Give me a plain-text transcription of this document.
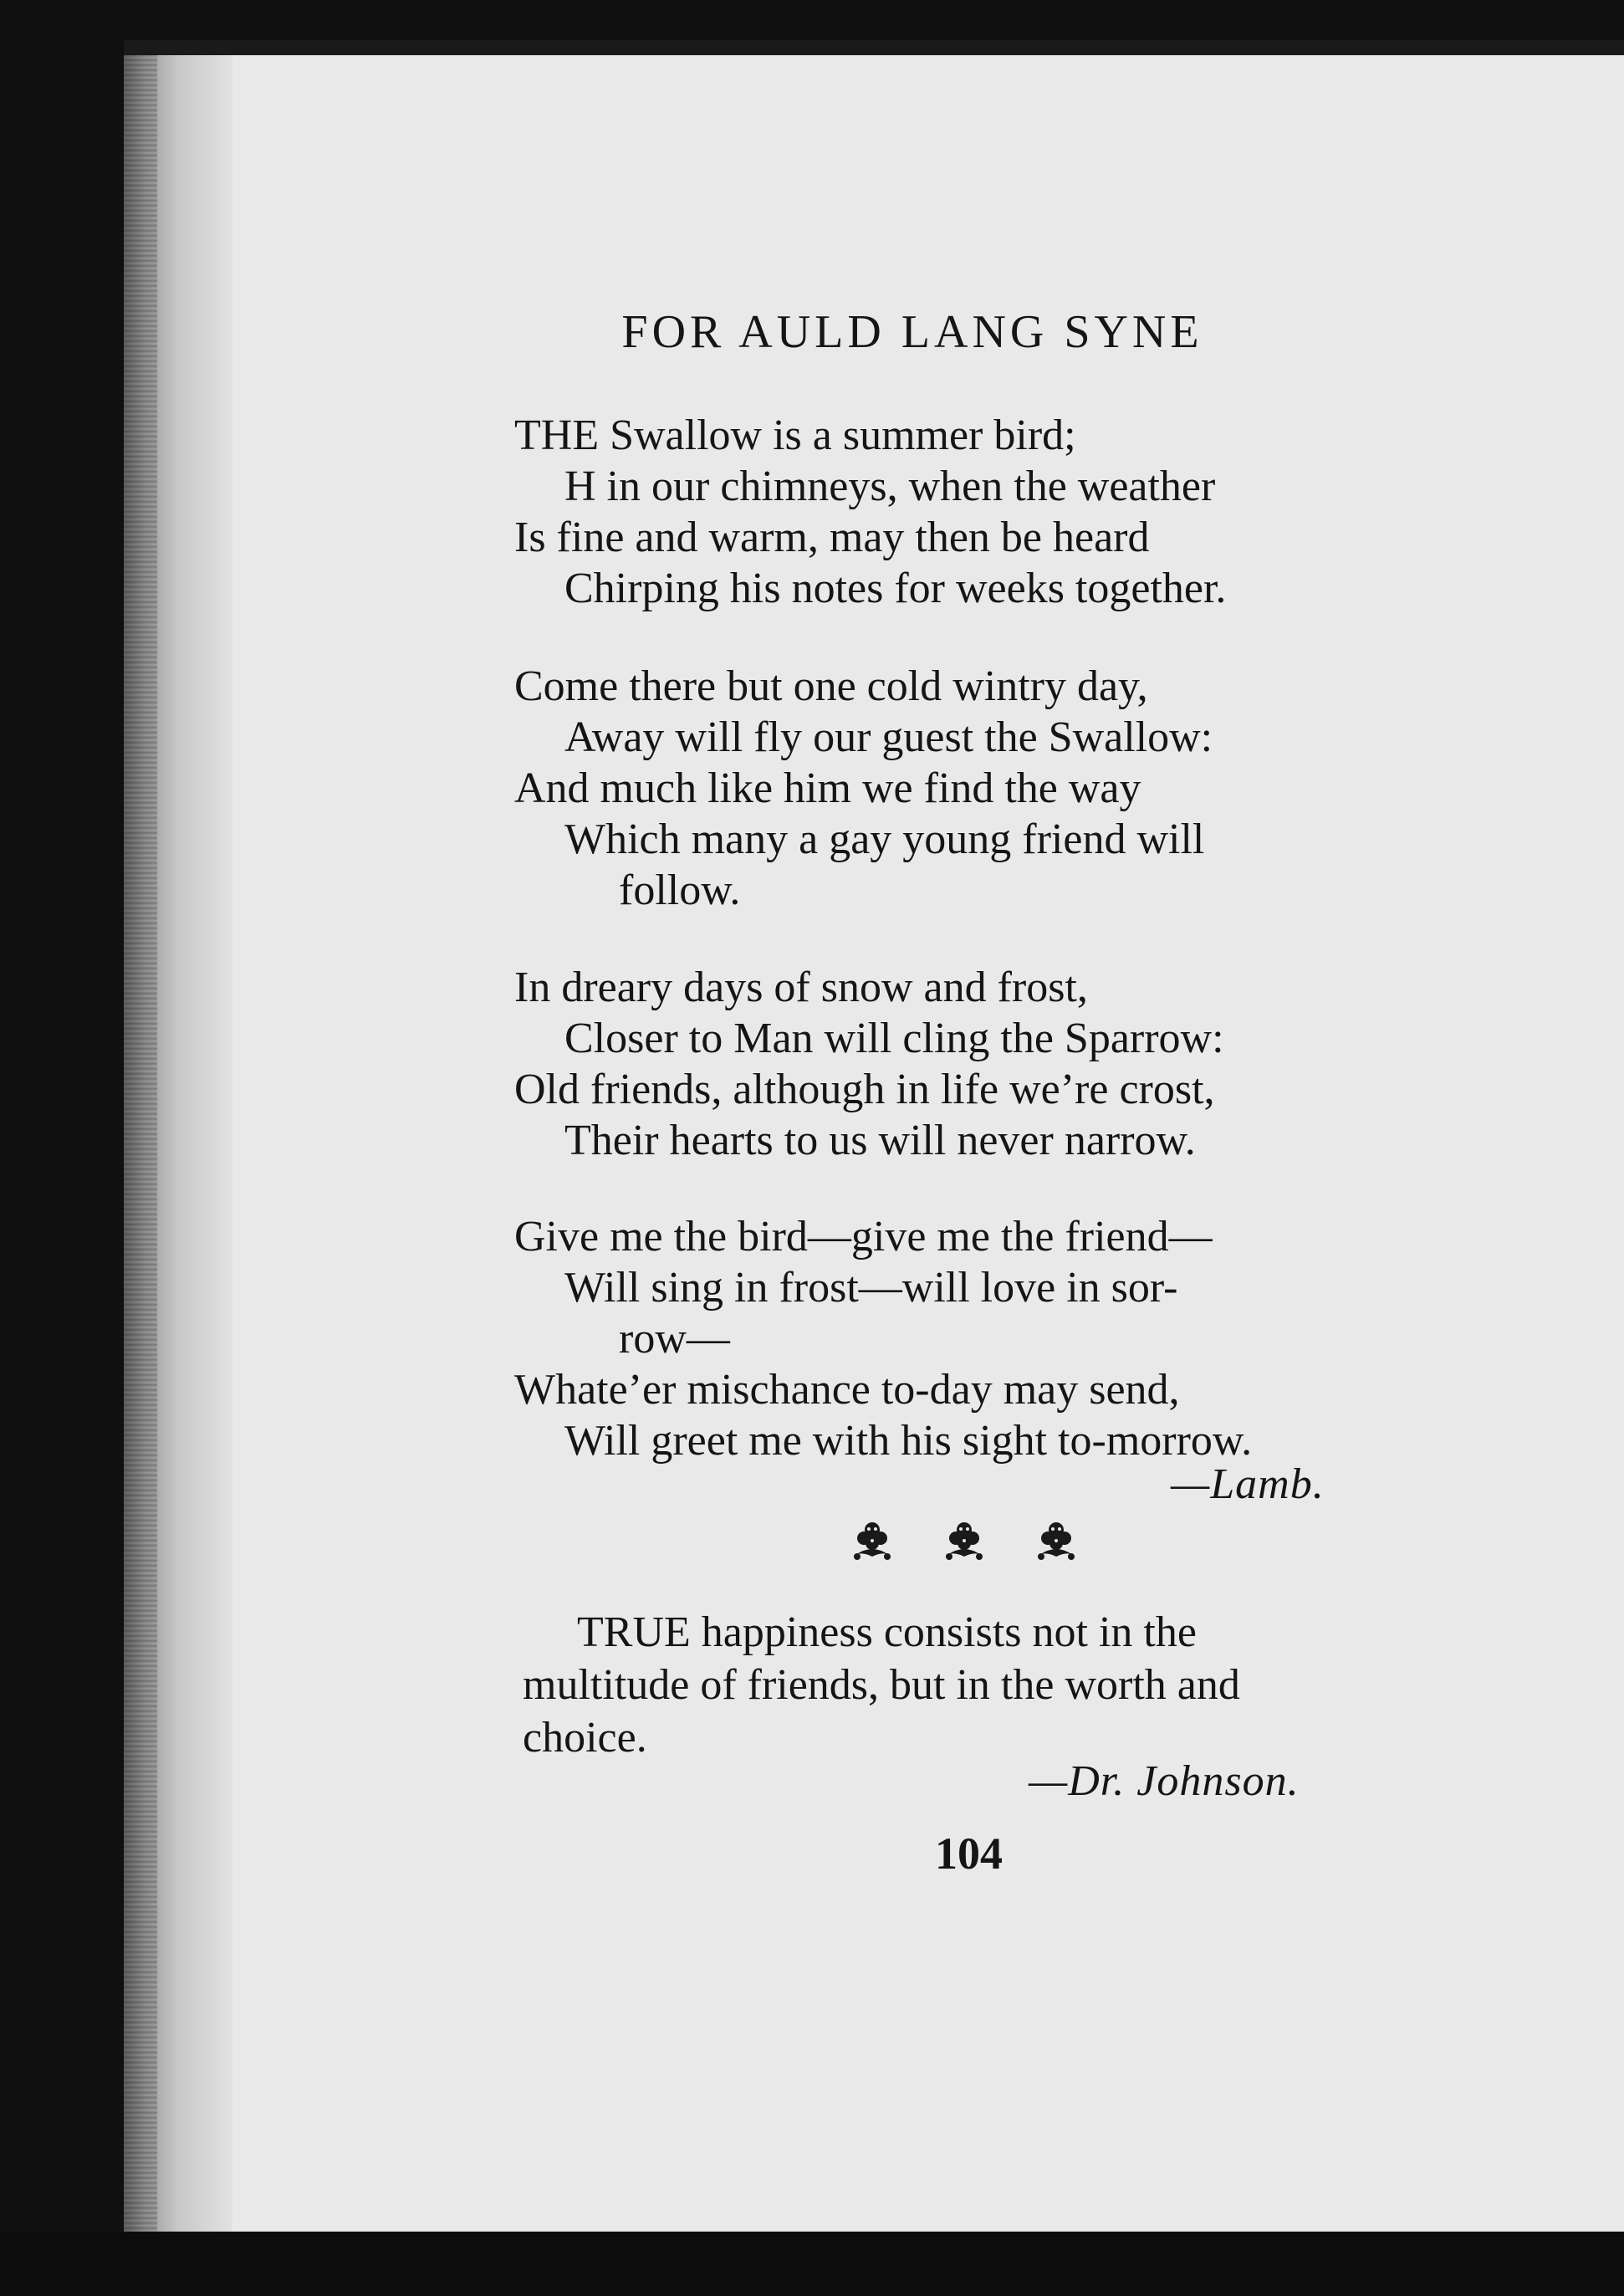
FOR AULD LANG SYNE
THE Swallow is a summer bird;
H in our chimneys, when the weather
Is fine and warm, may then be heard
Chirping his notes for weeks together.
Come there but one cold wintry day,
Away will fly our guest the Swallow:
And much like him we find the way
Which many a gay young friend will
follow.
In dreary days of snow and frost,
Closer to Man will cling the Sparrow:
Old friends, although in life we’re crost,
Their hearts to us will never narrow.
Give me the bird—give me the friend—
Will sing in frost—will love in sor-
row—
Whate’er mischance to-day may send,
Will greet me with his sight to-morrow.
—Lamb.
TRUE happiness consists not in the
multitude of friends, but in the worth and
choice.
—Dr. Johnson.
104
